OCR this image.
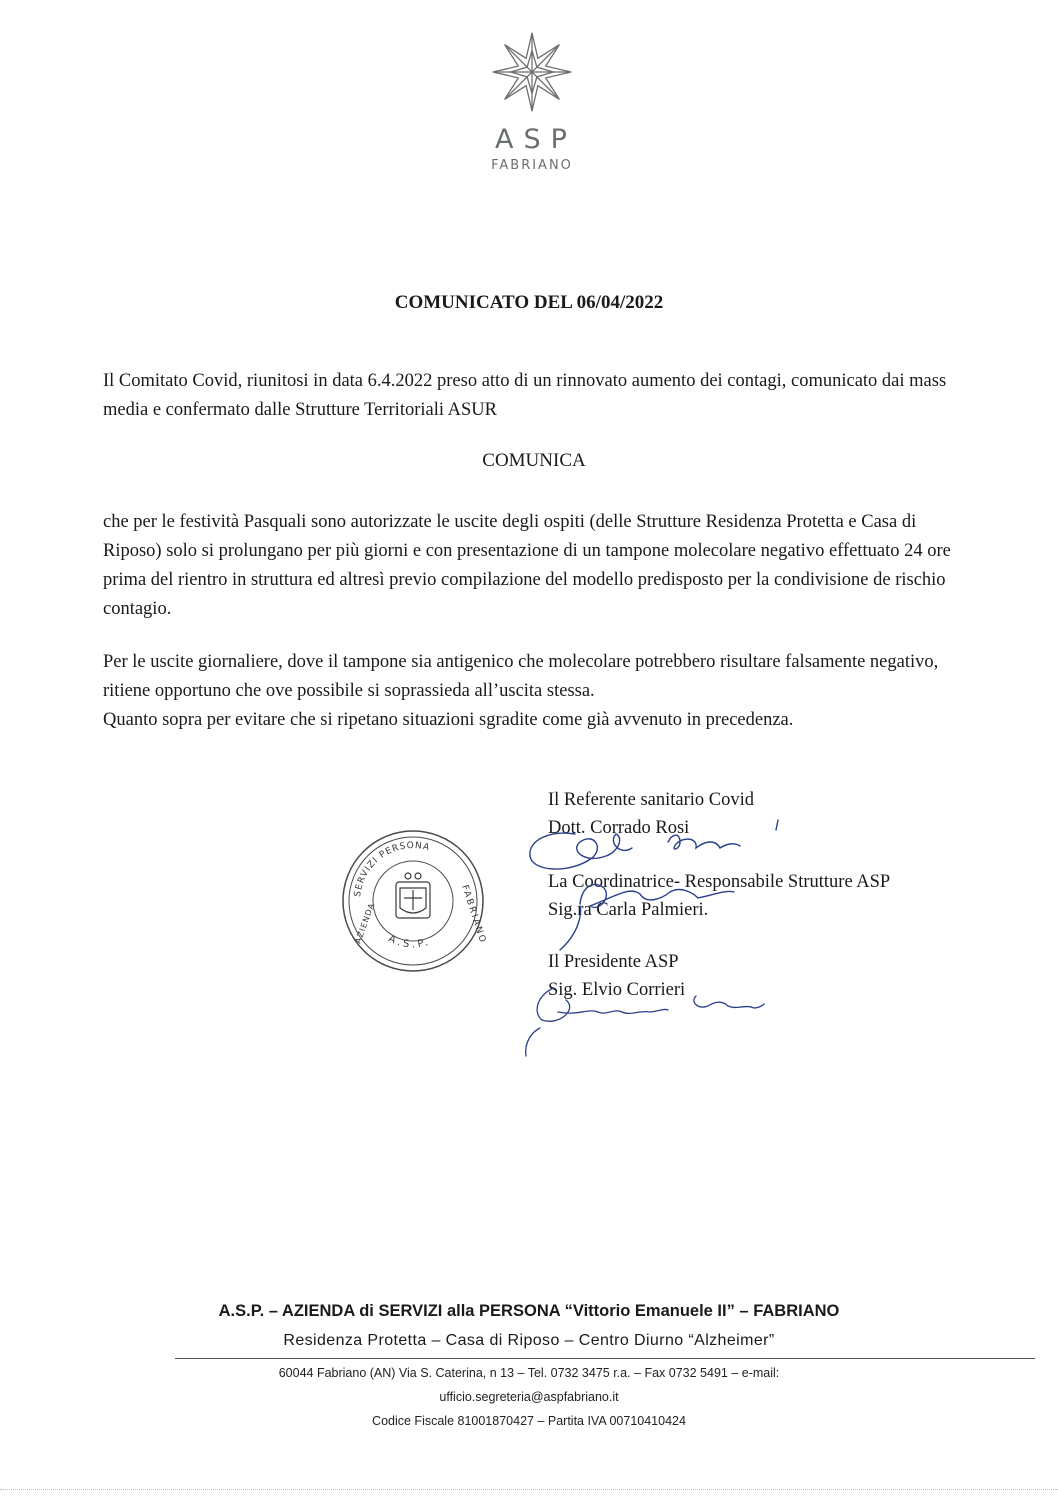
ASP
FABRIANO
COMUNICATO DEL 06/04/2022

Il Comitato Covid, riunitosi in data 6.4.2022 preso atto di un rinnovato aumento dei contagi, comunicato dai mass media e confermato dalle Strutture Territoriali ASUR

COMUNICA

che per le festività Pasquali sono autorizzate le uscite degli ospiti (delle Strutture Residenza Protetta e Casa di Riposo) solo si prolungano per più giorni e con presentazione di un tampone molecolare negativo effettuato 24 ore prima del rientro in struttura ed altresì previo compilazione del modello predisposto per la condivisione de rischio contagio.

Per le uscite giornaliere, dove il tampone sia antigenico che molecolare potrebbero risultare falsamente negativo, ritiene opportuno che ove possibile si soprassieda all’uscita stessa.

Quanto sopra per evitare che si ripetano situazioni sgradite come già avvenuto in precedenza.

SERVIZI PERSONA
A.S.P.	FABRIANO
AZIENDA
Il Referente sanitario Covid
Dott. Corrado Rosi
La Coordinatrice- Responsabile Strutture ASP
Sig.ra Carla Palmieri.
Il Presidente ASP
Sig. Elvio Corrieri
A.S.P. – AZIENDA di SERVIZI alla PERSONA “Vittorio Emanuele II” – FABRIANO
Residenza Protetta – Casa di Riposo – Centro Diurno “Alzheimer”
60044 Fabriano (AN) Via S. Caterina, n 13 – Tel. 0732 3475 r.a. – Fax 0732 5491 – e-mail:
ufficio.segreteria@aspfabriano.it
Codice Fiscale 81001870427 – Partita IVA 00710410424
